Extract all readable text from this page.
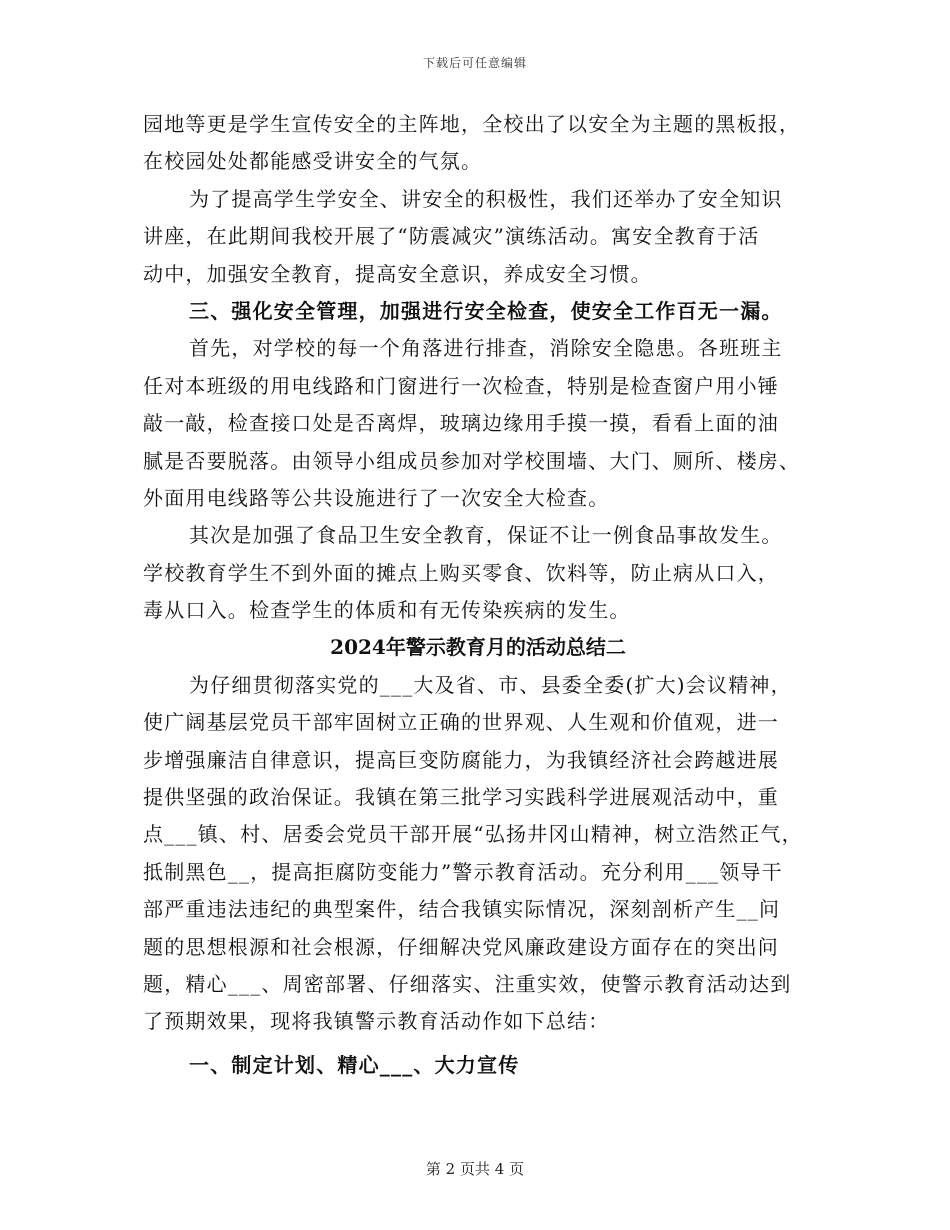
下载后可任意编辑
园地等更是学生宣传安全的主阵地，全校出了以安全为主题的黑板报，
在校园处处都能感受讲安全的气氛。
为了提高学生学安全、讲安全的积极性，我们还举办了安全知识
讲座，在此期间我校开展了“防震减灾”演练活动。寓安全教育于活
动中，加强安全教育，提高安全意识，养成安全习惯。
三、强化安全管理，加强进行安全检查，使安全工作百无一漏。
首先，对学校的每一个角落进行排查，消除安全隐患。各班班主
任对本班级的用电线路和门窗进行一次检查，特别是检查窗户用小锤
敲一敲，检查接口处是否离焊，玻璃边缘用手摸一摸，看看上面的油
腻是否要脱落。由领导小组成员参加对学校围墙、大门、厕所、楼房、
外面用电线路等公共设施进行了一次安全大检查。
其次是加强了食品卫生安全教育，保证不让一例食品事故发生。
学校教育学生不到外面的摊点上购买零食、饮料等，防止病从口入，
毒从口入。检查学生的体质和有无传染疾病的发生。
2024年警示教育月的活动总结二
为仔细贯彻落实党的___大及省、市、县委全委(扩大)会议精神，
使广阔基层党员干部牢固树立正确的世界观、人生观和价值观，进一
步增强廉洁自律意识，提高巨变防腐能力，为我镇经济社会跨越进展
提供坚强的政治保证。我镇在第三批学习实践科学进展观活动中，重
点___镇、村、居委会党员干部开展“弘扬井冈山精神，树立浩然正气，
抵制黑色__，提高拒腐防变能力”警示教育活动。充分利用___领导干
部严重违法违纪的典型案件，结合我镇实际情况，深刻剖析产生__问
题的思想根源和社会根源，仔细解决党风廉政建设方面存在的突出问
题，精心___、周密部署、仔细落实、注重实效，使警示教育活动达到
了预期效果，现将我镇警示教育活动作如下总结：
一、制定计划、精心___、大力宣传
第 2 页共 4 页
